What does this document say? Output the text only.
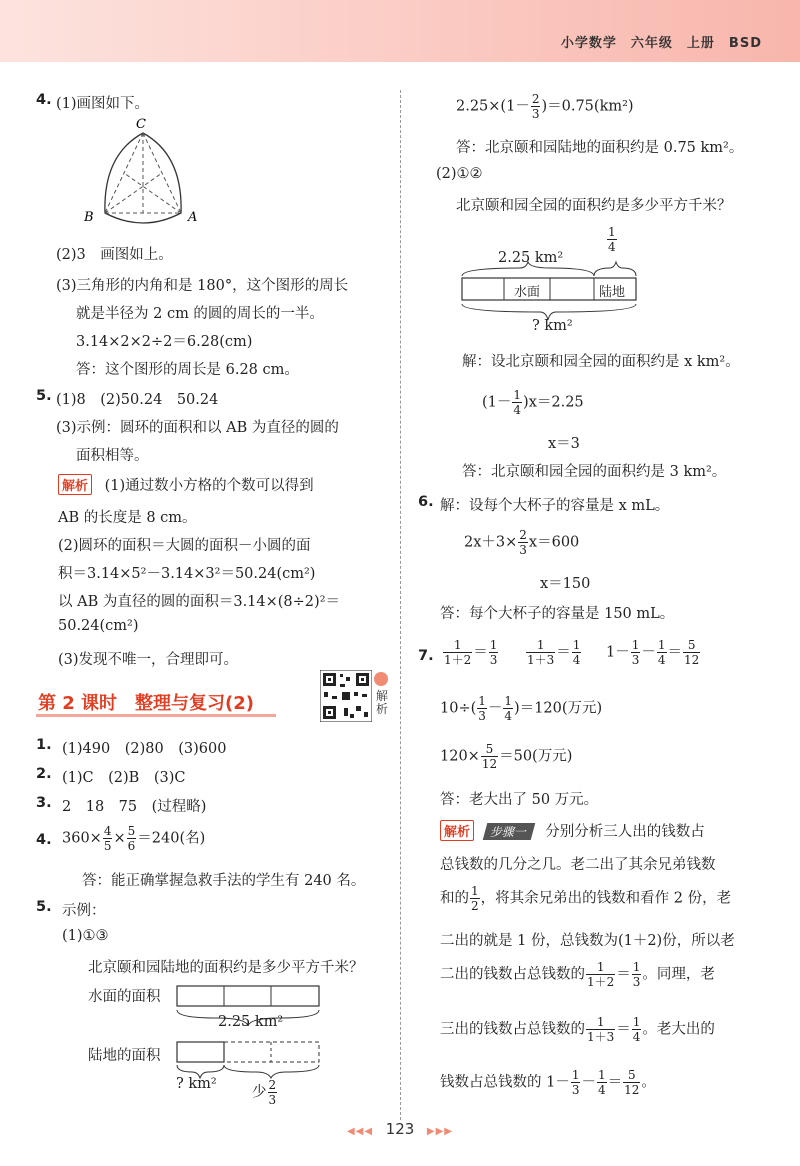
小学数学　六年级　上册　BSD
4. (1)画图如下。
C
B	A
(2)3　画图如上。
(3)三角形的内角和是 180°，这个图形的周长
就是半径为 2 cm 的圆的周长的一半。
3.14×2×2÷2＝6.28(cm)
答：这个图形的周长是 6.28 cm。
5. (1)8　(2)50.24　50.24
(3)示例：圆环的面积和以 AB 为直径的圆的
面积相等。
解析 (1)通过数小方格的个数可以得到
AB 的长度是 8 cm。
(2)圆环的面积＝大圆的面积－小圆的面
积＝3.14×5²－3.14×3²＝50.24(cm²)
以 AB 为直径的圆的面积＝3.14×(8÷2)²＝
50.24(cm²)
(3)发现不唯一，合理即可。
第 2 课时　整理与复习(2)	解析
1. (1)490　(2)80　(3)600
2. (1)C　(2)B　(3)C
3. 2　18　75　(过程略)
4. $360\times \frac{4}{5} \times \frac{5}{6} =240$(名)
答：能正确掌握急救手法的学生有 240 名。
5. 示例：
(1)①③
北京颐和园陆地的面积约是多少平方千米？
水面的面积
2.25 km²
陆地的面积
? km²
少 $\frac{2}{3}$
$2.25\times(1- \frac{2}{3} )=0.75(km^2)$
答：北京颐和园陆地的面积约是 0.75 km²。
(2)①②
北京颐和园全园的面积约是多少平方千米？
2.25 km²
$\frac{1}{4}$
水面	陆地
? km²
解：设北京颐和园全园的面积约是 x km²。
$(1- \frac{1}{4} )x=2.25$
x＝3
答：北京颐和园全园的面积约是 3 km²。
6. 解：设每个大杯子的容量是 x mL。
$2x+3\times \frac{2}{3} x=600$
x＝150
答：每个大杯子的容量是 150 mL。
7. $\frac{1}{1+2} = \frac{1}{3} \frac{1}{1+3} = \frac{1}{4} 1- \frac{1}{3} - \frac{1}{4} = \frac{5}{12}$
$10\div( \frac{1}{3} - \frac{1}{4} )=120$(万元)
$120\times \frac{5}{12} =50$(万元)
答：老大出了 50 万元。
解析 步骤一 分别分析三人出的钱数占
总钱数的几分之几。老二出了其余兄弟钱数
和的 $\frac{1}{2}$ ，将其余兄弟出的钱数和看作 2 份，老
二出的就是 1 份，总钱数为(1＋2)份，所以老
二出的钱数占总钱数的 $\frac{1}{1+2} = \frac{1}{3}$ 。同理，老
三出的钱数占总钱数的 $\frac{1}{1+3} = \frac{1}{4}$ 。老大出的
钱数占总钱数的 $1- \frac{1}{3} - \frac{1}{4} = \frac{5}{12}$ 。
◀◀◀ 123 ▶▶▶
